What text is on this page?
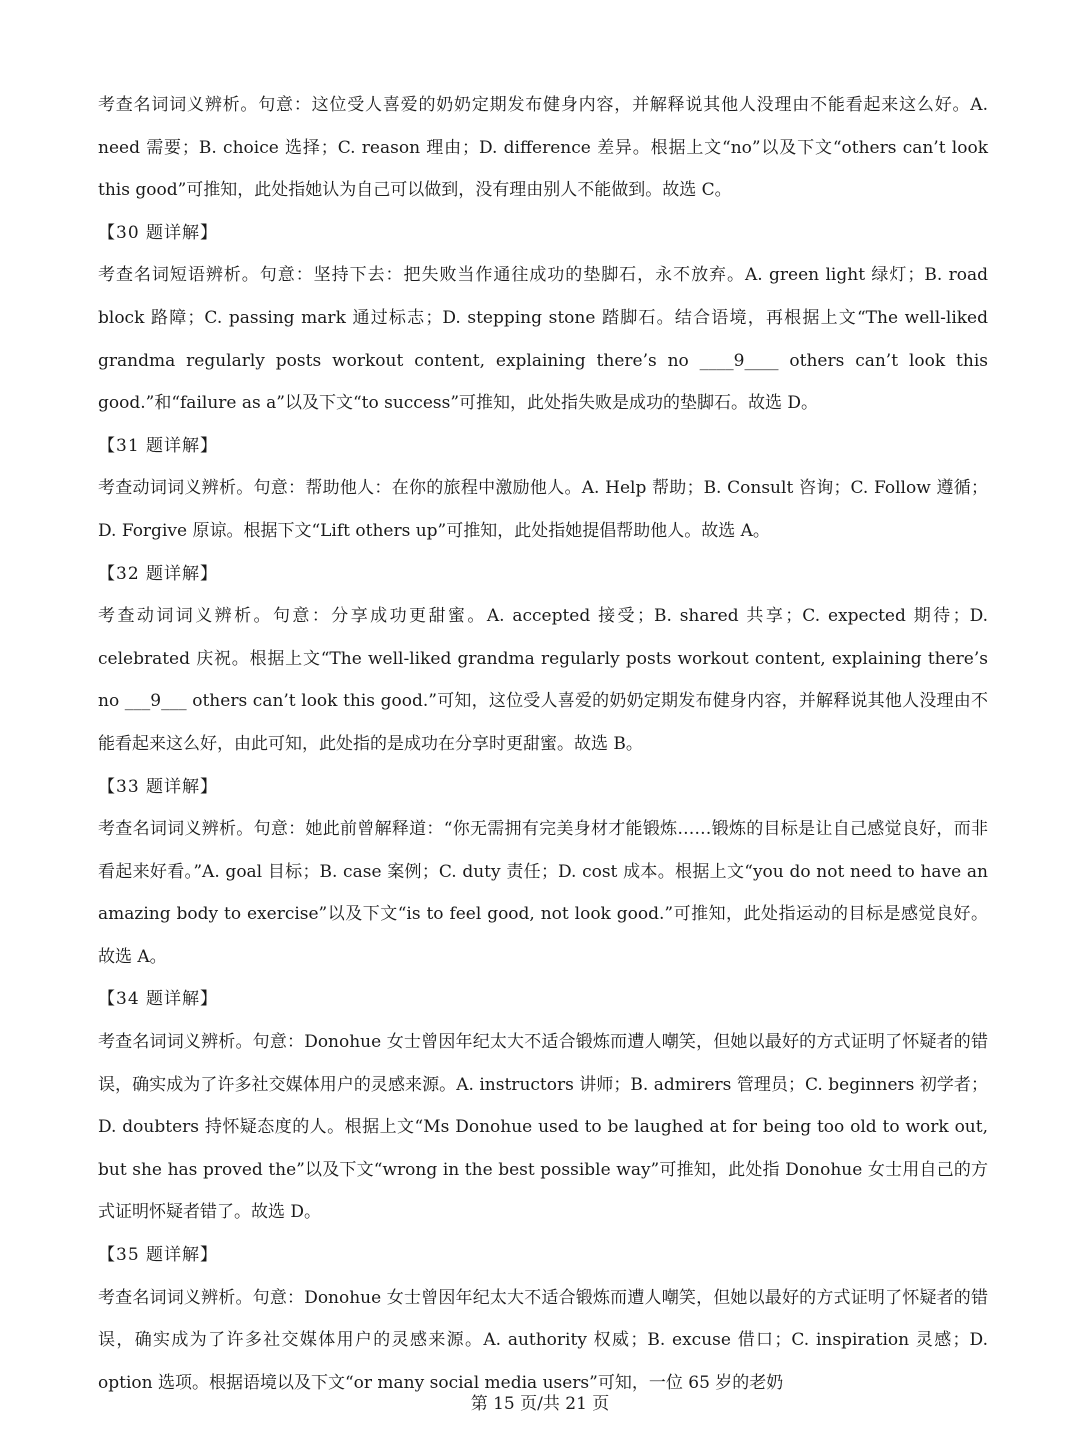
考查名词词义辨析。句意：这位受人喜爱的奶奶定期发布健身内容，并解释说其他人没理由不能看起来这么好。A. need 需要；B. choice 选择；C. reason 理由；D. difference 差异。根据上文“no”以及下文“others can’t look this good”可推知，此处指她认为自己可以做到，没有理由别人不能做到。故选 C。

【30 题详解】

考查名词短语辨析。句意：坚持下去：把失败当作通往成功的垫脚石，永不放弃。A. green light 绿灯；B. road block 路障；C. passing mark 通过标志；D. stepping stone 踏脚石。结合语境，再根据上文“The well-liked grandma regularly posts workout content, explaining there’s no ____9____ others can’t look this good.”和“failure as a”以及下文“to success”可推知，此处指失败是成功的垫脚石。故选 D。

【31 题详解】

考查动词词义辨析。句意：帮助他人：在你的旅程中激励他人。A. Help 帮助；B. Consult 咨询；C. Follow 遵循；D. Forgive 原谅。根据下文“Lift others up”可推知，此处指她提倡帮助他人。故选 A。

【32 题详解】

考查动词词义辨析。句意：分享成功更甜蜜。A. accepted 接受；B. shared 共享；C. expected 期待；D. celebrated 庆祝。根据上文“The well-liked grandma regularly posts workout content, explaining there’s no ___9___ others can’t look this good.”可知，这位受人喜爱的奶奶定期发布健身内容，并解释说其他人没理由不能看起来这么好，由此可知，此处指的是成功在分享时更甜蜜。故选 B。

【33 题详解】

考查名词词义辨析。句意：她此前曾解释道：“你无需拥有完美身材才能锻炼……锻炼的目标是让自己感觉良好，而非看起来好看。”A. goal 目标；B. case 案例；C. duty 责任；D. cost 成本。根据上文“you do not need to have an amazing body to exercise”以及下文“is to feel good, not look good.”可推知，此处指运动的目标是感觉良好。故选 A。

【34 题详解】

考查名词词义辨析。句意：Donohue 女士曾因年纪太大不适合锻炼而遭人嘲笑，但她以最好的方式证明了怀疑者的错误，确实成为了许多社交媒体用户的灵感来源。A. instructors 讲师；B. admirers 管理员；C. beginners 初学者；D. doubters 持怀疑态度的人。根据上文“Ms Donohue used to be laughed at for being too old to work out, but she has proved the”以及下文“wrong in the best possible way”可推知，此处指 Donohue 女士用自己的方式证明怀疑者错了。故选 D。

【35 题详解】

考查名词词义辨析。句意：Donohue 女士曾因年纪太大不适合锻炼而遭人嘲笑，但她以最好的方式证明了怀疑者的错误，确实成为了许多社交媒体用户的灵感来源。A. authority 权威；B. excuse 借口；C. inspiration 灵感；D. option 选项。根据语境以及下文“or many social media users”可知，一位 65 岁的老奶

第 15 页/共 21 页
